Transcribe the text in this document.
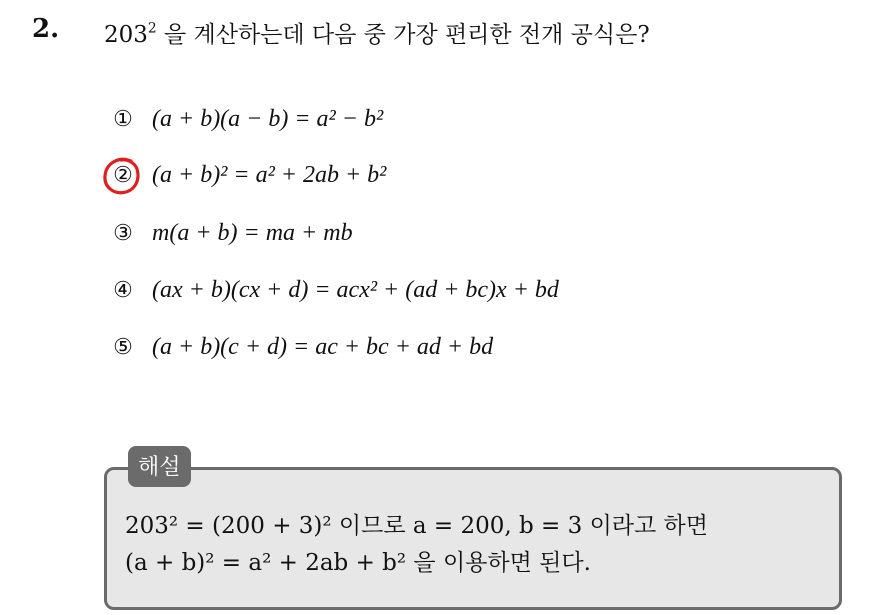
2. $203^2$ 을 계산하는데 다음 중 가장 편리한 전개 공식은?
① (a + b)(a − b) = a² − b²
② (a + b)² = a² + 2ab + b²
③ m(a + b) = ma + mb
④ (ax + b)(cx + d) = acx² + (ad + bc)x + bd
⑤ (a + b)(c + d) = ac + bc + ad + bd
해설
203² = (200 + 3)² 이므로 a = 200, b = 3 이라고 하면
(a + b)² = a² + 2ab + b² 을 이용하면 된다.
